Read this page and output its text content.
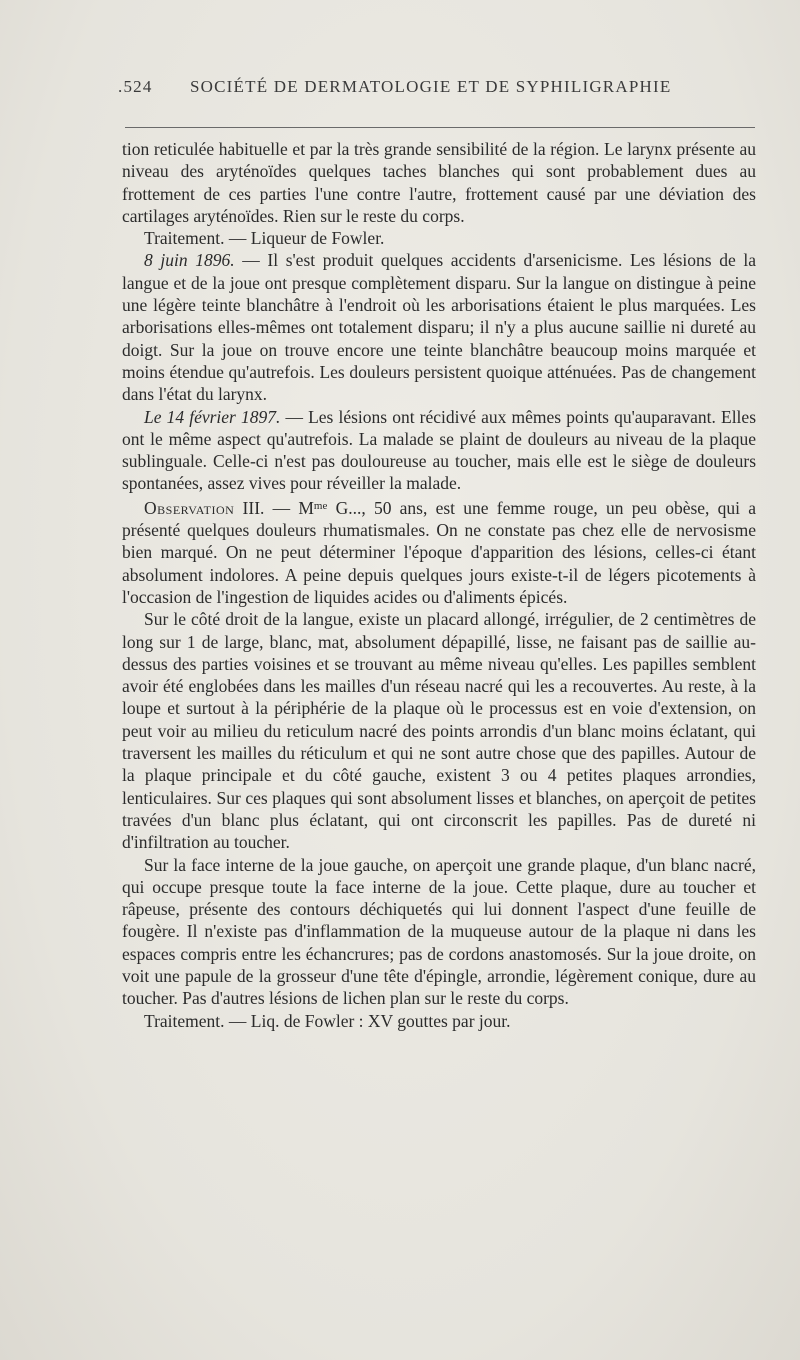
.524 SOCIÉTÉ DE DERMATOLOGIE ET DE SYPHILIGRAPHIE

tion reticulée habituelle et par la très grande sensibilité de la région. Le larynx présente au niveau des aryténoïdes quelques taches blanches qui sont probablement dues au frottement de ces parties l'une contre l'autre, frottement causé par une déviation des cartilages aryténoïdes. Rien sur le reste du corps.

Traitement. — Liqueur de Fowler.

8 juin 1896. — Il s'est produit quelques accidents d'arsenicisme. Les lésions de la langue et de la joue ont presque complètement disparu. Sur la langue on distingue à peine une légère teinte blanchâtre à l'endroit où les arborisations étaient le plus marquées. Les arborisations elles-mêmes ont totalement disparu; il n'y a plus aucune saillie ni dureté au doigt. Sur la joue on trouve encore une teinte blanchâtre beaucoup moins marquée et moins étendue qu'autrefois. Les douleurs persistent quoique atténuées. Pas de changement dans l'état du larynx.

Le 14 février 1897. — Les lésions ont récidivé aux mêmes points qu'auparavant. Elles ont le même aspect qu'autrefois. La malade se plaint de douleurs au niveau de la plaque sublinguale. Celle-ci n'est pas douloureuse au toucher, mais elle est le siège de douleurs spontanées, assez vives pour réveiller la malade.

Observation III. — $M^{me}$ G..., 50 ans, est une femme rouge, un peu obèse, qui a présenté quelques douleurs rhumatismales. On ne constate pas chez elle de nervosisme bien marqué. On ne peut déterminer l'époque d'apparition des lésions, celles-ci étant absolument indolores. A peine depuis quelques jours existe-t-il de légers picotements à l'occasion de l'ingestion de liquides acides ou d'aliments épicés.

Sur le côté droit de la langue, existe un placard allongé, irrégulier, de 2 centimètres de long sur 1 de large, blanc, mat, absolument dépapillé, lisse, ne faisant pas de saillie au-dessus des parties voisines et se trouvant au même niveau qu'elles. Les papilles semblent avoir été englobées dans les mailles d'un réseau nacré qui les a recouvertes. Au reste, à la loupe et surtout à la périphérie de la plaque où le processus est en voie d'extension, on peut voir au milieu du reticulum nacré des points arrondis d'un blanc moins éclatant, qui traversent les mailles du réticulum et qui ne sont autre chose que des papilles. Autour de la plaque principale et du côté gauche, existent 3 ou 4 petites plaques arrondies, lenticulaires. Sur ces plaques qui sont absolument lisses et blanches, on aperçoit de petites travées d'un blanc plus éclatant, qui ont circonscrit les papilles. Pas de dureté ni d'infiltration au toucher.

Sur la face interne de la joue gauche, on aperçoit une grande plaque, d'un blanc nacré, qui occupe presque toute la face interne de la joue. Cette plaque, dure au toucher et râpeuse, présente des contours déchiquetés qui lui donnent l'aspect d'une feuille de fougère. Il n'existe pas d'inflammation de la muqueuse autour de la plaque ni dans les espaces compris entre les échancrures; pas de cordons anastomosés. Sur la joue droite, on voit une papule de la grosseur d'une tête d'épingle, arrondie, légèrement conique, dure au toucher. Pas d'autres lésions de lichen plan sur le reste du corps.

Traitement. — Liq. de Fowler : XV gouttes par jour.
